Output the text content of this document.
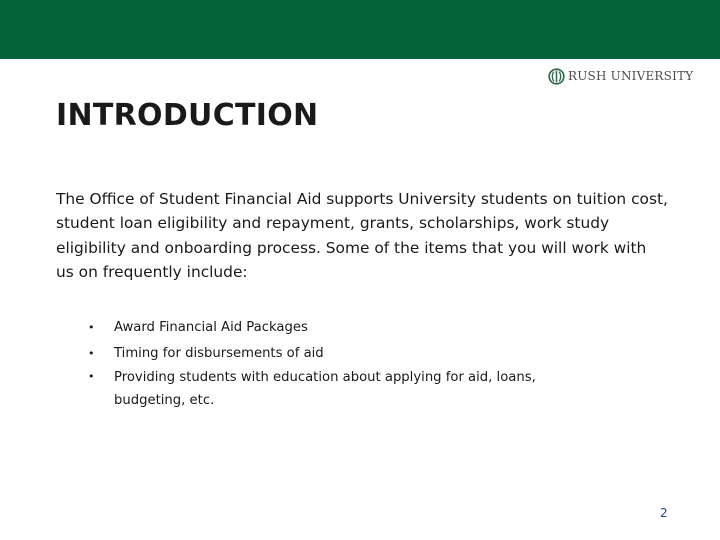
RUSH UNIVERSITY
INTRODUCTION

The Office of Student Financial Aid supports University students on tuition cost, student loan eligibility and repayment, grants, scholarships, work study eligibility and onboarding process. Some of the items that you will work with us on frequently include:

• Award Financial Aid Packages
• Timing for disbursements of aid
• Providing students with education about applying for aid, loans, budgeting, etc.
2
